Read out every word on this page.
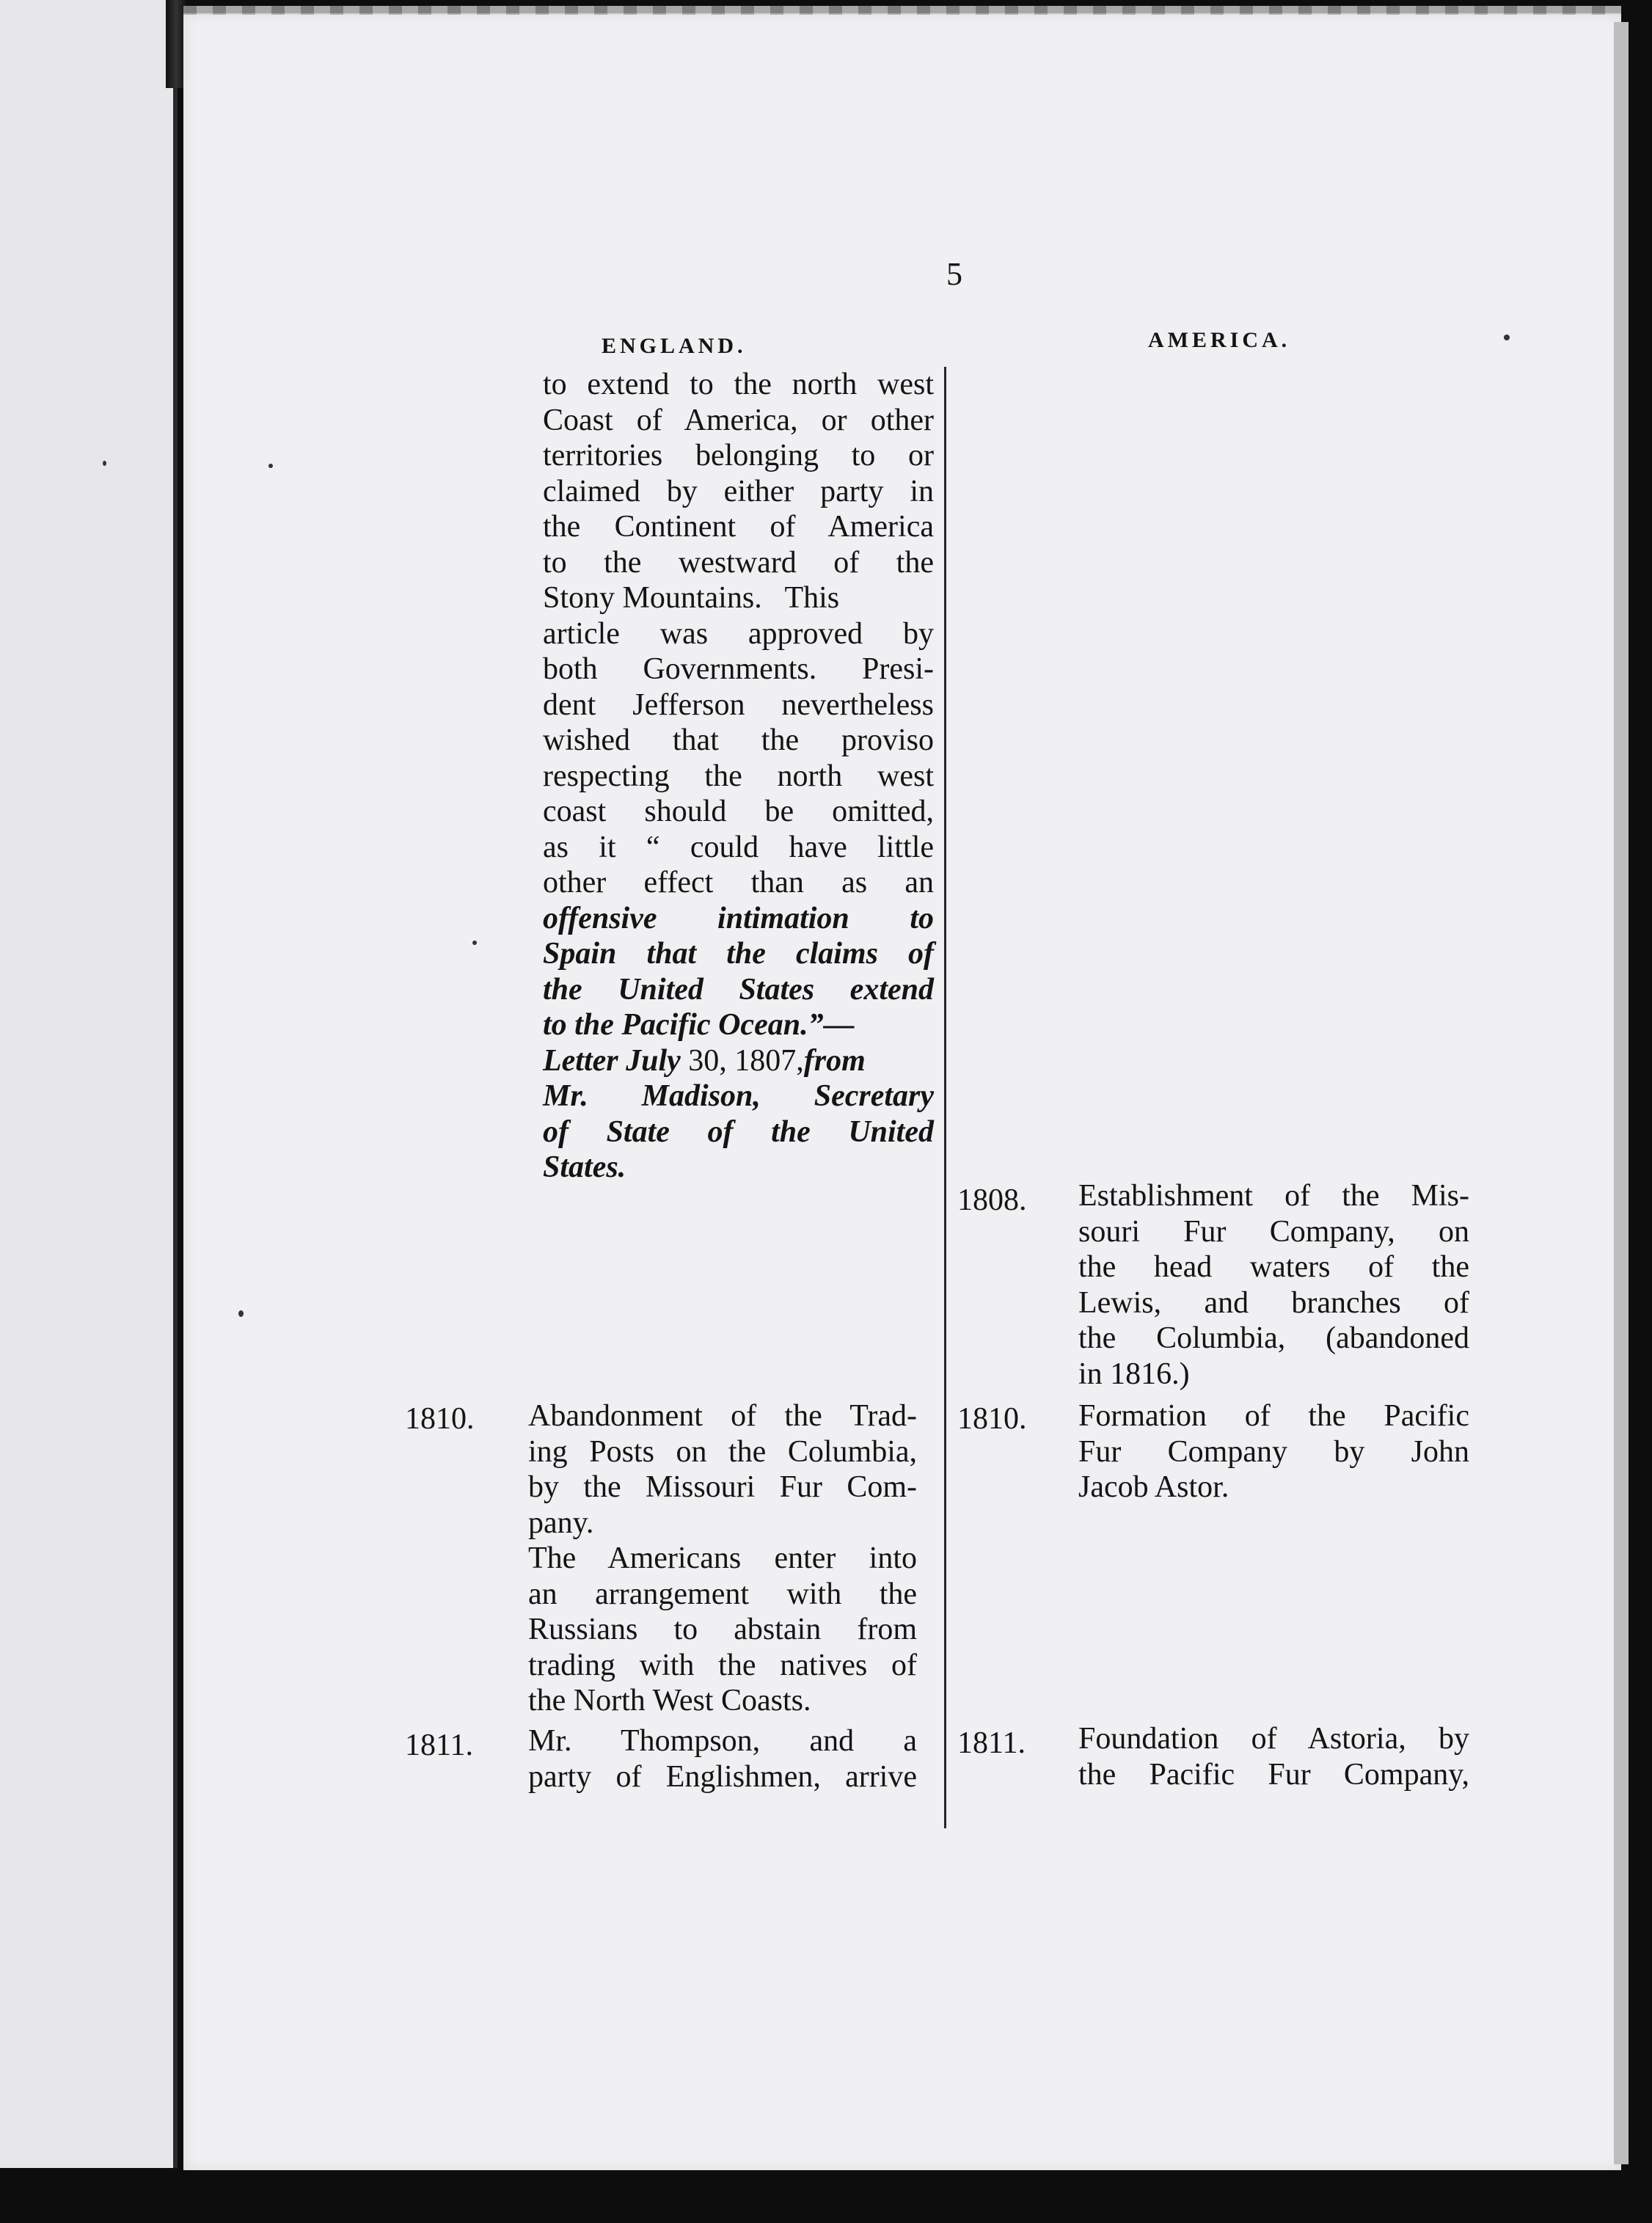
5
ENGLAND.	AMERICA.
to extend to the north west
Coast of America, or other
territories belonging to or
claimed by either party in
the Continent of America
to the westward of the
Stony Mountains.   This
article was approved by
both Governments. Presi-
dent Jefferson nevertheless
wished that the proviso
respecting the north west
coast should be omitted,
as it “ could have little
other effect than as an
offensive intimation to
Spain that the claims of
the United States extend
to the Pacific Ocean.”—
Letter July 30, 1807,from
Mr. Madison, Secretary
of State of the United
States.
1808. Establishment of the Mis-
souri Fur Company, on
the head waters of the
Lewis, and branches of
the Columbia, (abandoned
in 1816.)
1810. Abandonment of the Trad-
ing Posts on the Columbia,
by the Missouri Fur Com-
pany.
The Americans enter into
an arrangement with the
Russians to abstain from
trading with the natives of
the North West Coasts.
1810. Formation of the Pacific
Fur Company by John
Jacob Astor.
1811. Mr. Thompson, and a
party of Englishmen, arrive
1811. Foundation of Astoria, by
the Pacific Fur Company,
